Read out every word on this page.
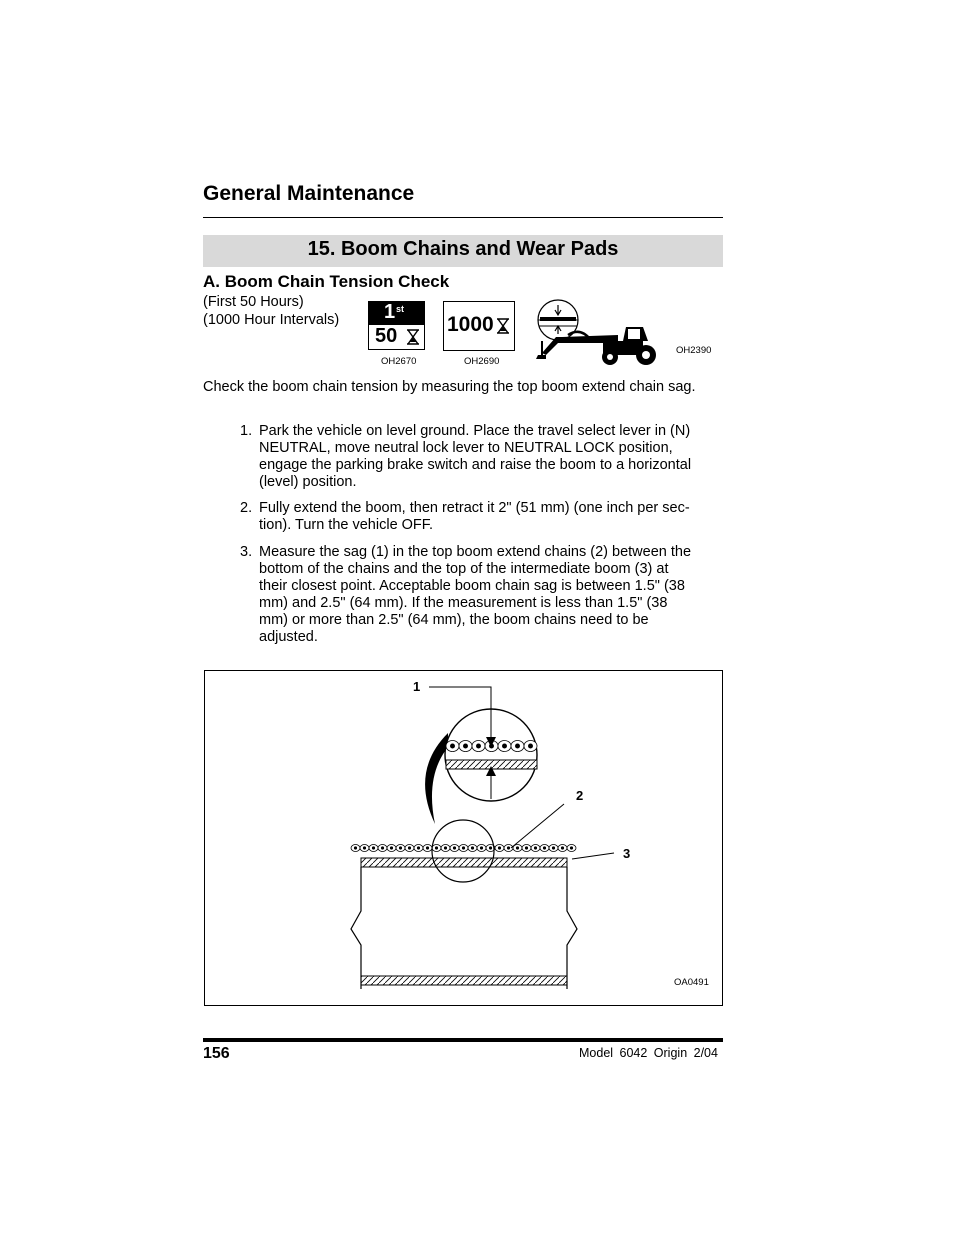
General Maintenance
15. Boom Chains and Wear Pads
A. Boom Chain Tension Check
(First 50 Hours)
(1000 Hour Intervals) 1 st
50
OH2670
1000
OH2690
OH2390
Check the boom chain tension by measuring the top boom extend chain sag.
1. Park the vehicle on level ground. Place the travel select lever in (N)
NEUTRAL, move neutral lock lever to NEUTRAL LOCK position,
engage the parking brake switch and raise the boom to a horizontal
(level) position.
2. Fully extend the boom, then retract it 2" (51 mm) (one inch per sec-
tion). Turn the vehicle OFF.
3. Measure the sag (1) in the top boom extend chains (2) between the
bottom of the chains and the top of the intermediate boom (3) at
their closest point. Acceptable boom chain sag is between 1.5" (38
mm) and 2.5" (64 mm). If the measurement is less than 1.5" (38
mm) or more than 2.5" (64 mm), the boom chains need to be
adjusted.
1
2
3
OA0491
156	Model 6042 Origin 2/04
